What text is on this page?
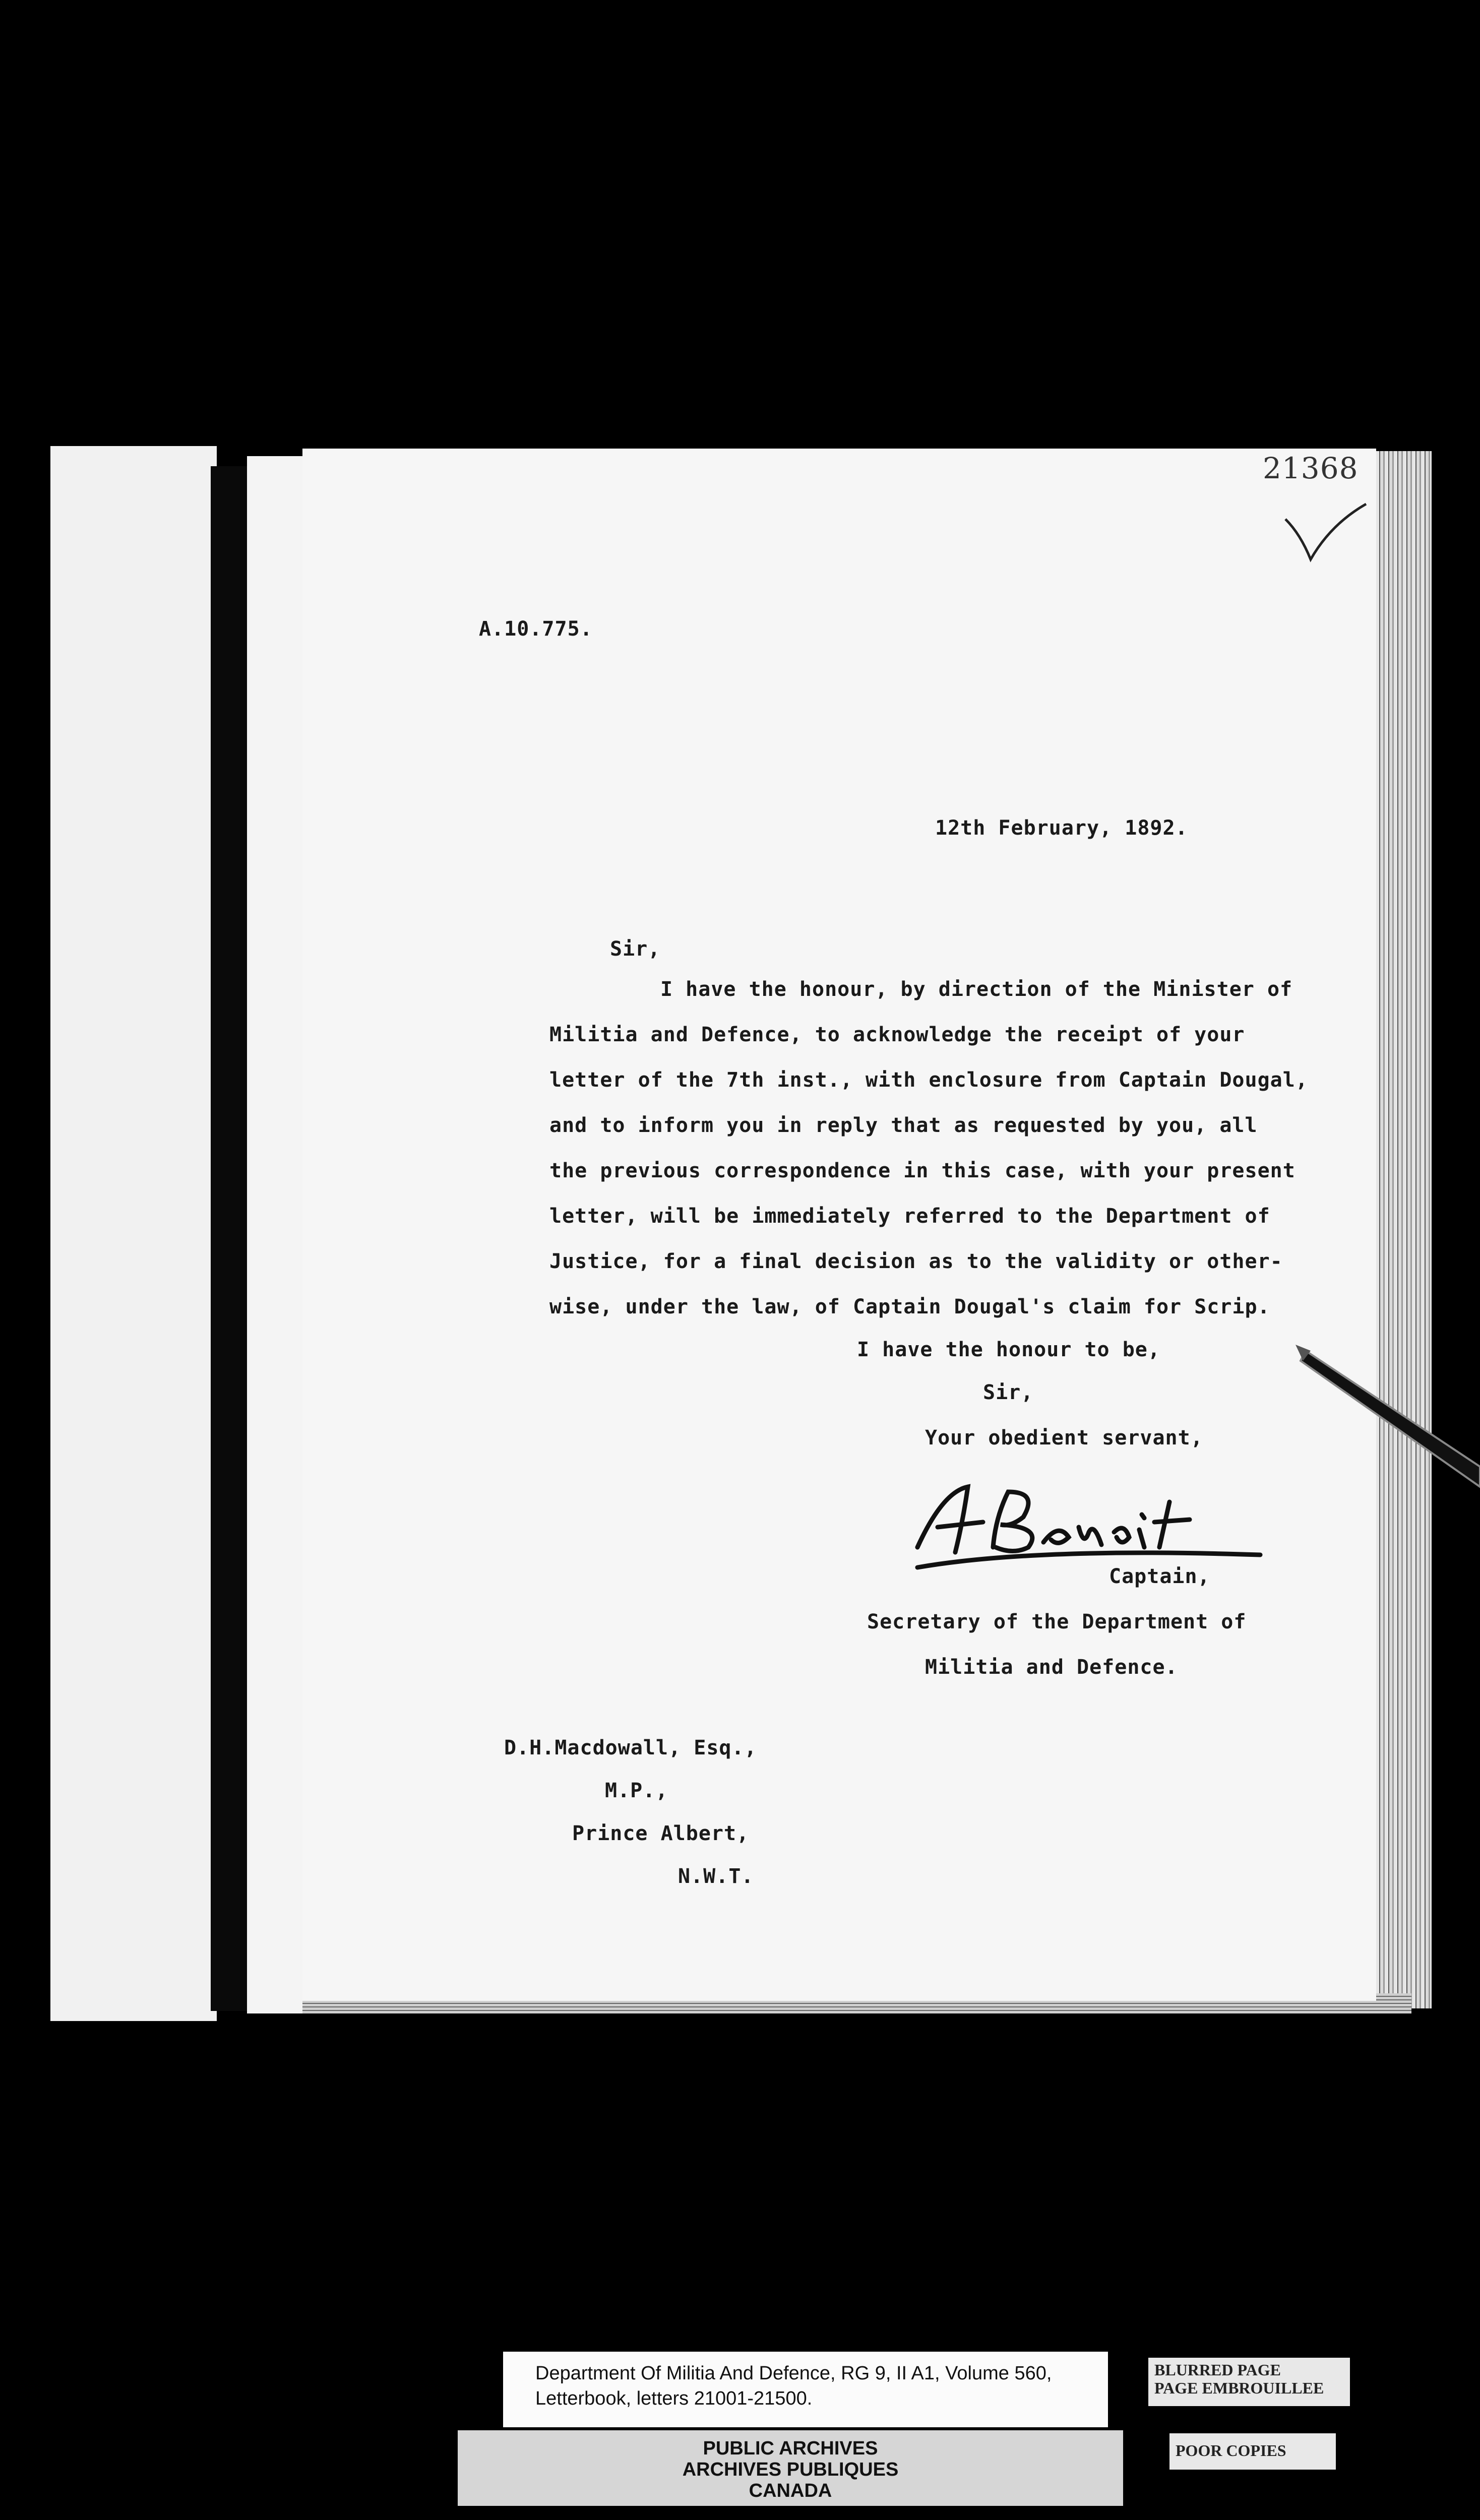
21368
A.10.775.
12th February, 1892.
Sir,
I have the honour, by direction of the Minister of
Militia and Defence, to acknowledge the receipt of your
letter of the 7th inst., with enclosure from Captain Dougal,
and to inform you in reply that as requested by you, all
the previous correspondence in this case, with your present
letter, will be immediately referred to the Department of
Justice, for a final decision as to the validity or other-
wise, under the law, of Captain Dougal's claim for Scrip.
I have the honour to be,
Sir,
Your obedient servant,
Captain,
Secretary of the Department of
Militia and Defence.
D.H.Macdowall, Esq.,
M.P.,
Prince Albert,
N.W.T.
Department Of Militia And Defence, RG 9, II A1, Volume 560,
Letterbook, letters 21001-21500.
PUBLIC ARCHIVES
ARCHIVES PUBLIQUES
CANADA
BLURRED PAGE
PAGE EMBROUILLEE
POOR COPIES
